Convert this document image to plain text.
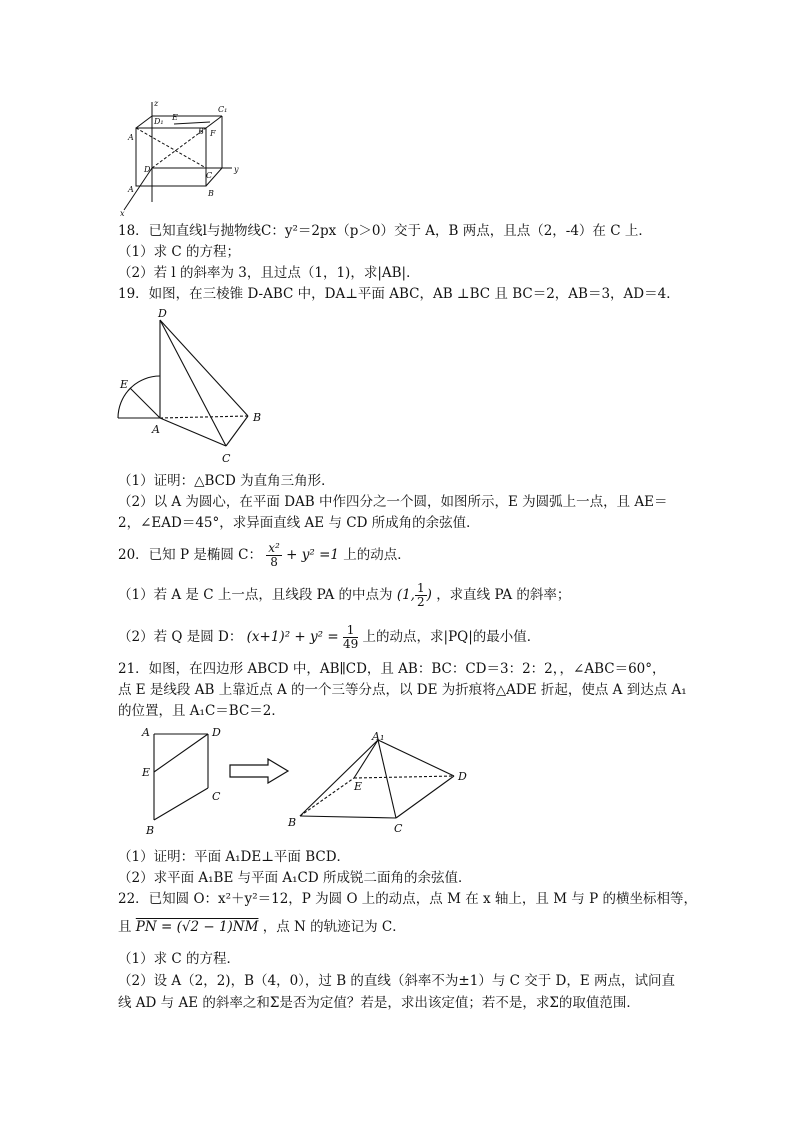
z
D₁ E
C₁
A
B F
D
C
y
A	B
x
18．已知直线l与抛物线C：y²＝2px（p＞0）交于 A，B 两点，且点（2，-4）在 C 上．
（1）求 C 的方程；
（2）若 l 的斜率为 3，且过点（1，1)，求|AB|．
19．如图，在三棱锥 D-ABC 中，DA⊥平面 ABC，AB ⊥BC 且 BC＝2，AB＝3，AD＝4．
D
E
A
B
C
（1）证明：△BCD 为直角三角形．
（2）以 A 为圆心，在平面 DAB 中作四分之一个圆，如图所示，E 为圆弧上一点，且 AE＝
2，∠EAD＝45°，求异面直线 AE 与 CD 所成角的余弦值．
20．已知 P 是椭圆 C： $\frac{\text{x²}}{8} + y^2 =1$ 上的动点．
（1）若 A 是 C 上一点，且线段 PA 的中点为 (1, $\frac{1}{2}$ ) ，求直线 PA 的斜率；
（2）若 Q 是圆 D： $(x+1)^2 + y^2 = \frac{1}{49}$ 上的动点，求|PQ|的最小值．
21．如图，在四边形 ABCD 中，AB∥CD，且 AB：BC：CD＝3：2：2，，∠ABC＝60°，
点 E 是线段 AB 上靠近点 A 的一个三等分点，以 DE 为折痕将△ADE 折起，使点 A 到达点 A₁
的位置，且 A₁C＝BC＝2．
A	D
E
C
B
A₁
E
D
B	C
（1）证明：平面 A₁DE⊥平面 BCD．
（2）求平面 A₁BE 与平面 A₁CD 所成锐二面角的余弦值．
22．已知圆 O：x²＋y²＝12，P 为圆 O 上的动点，点 M 在 x 轴上，且 M 与 P 的横坐标相等，
且 PN = (√2 − 1)NM ，点 N 的轨迹记为 C．
（1）求 C 的方程．
（2）设 A（2，2)，B（4，0），过 B 的直线（斜率不为±1）与 C 交于 D，E 两点，试问直
线 AD 与 AE 的斜率之和Σ是否为定值？若是，求出该定值；若不是，求Σ的取值范围．
